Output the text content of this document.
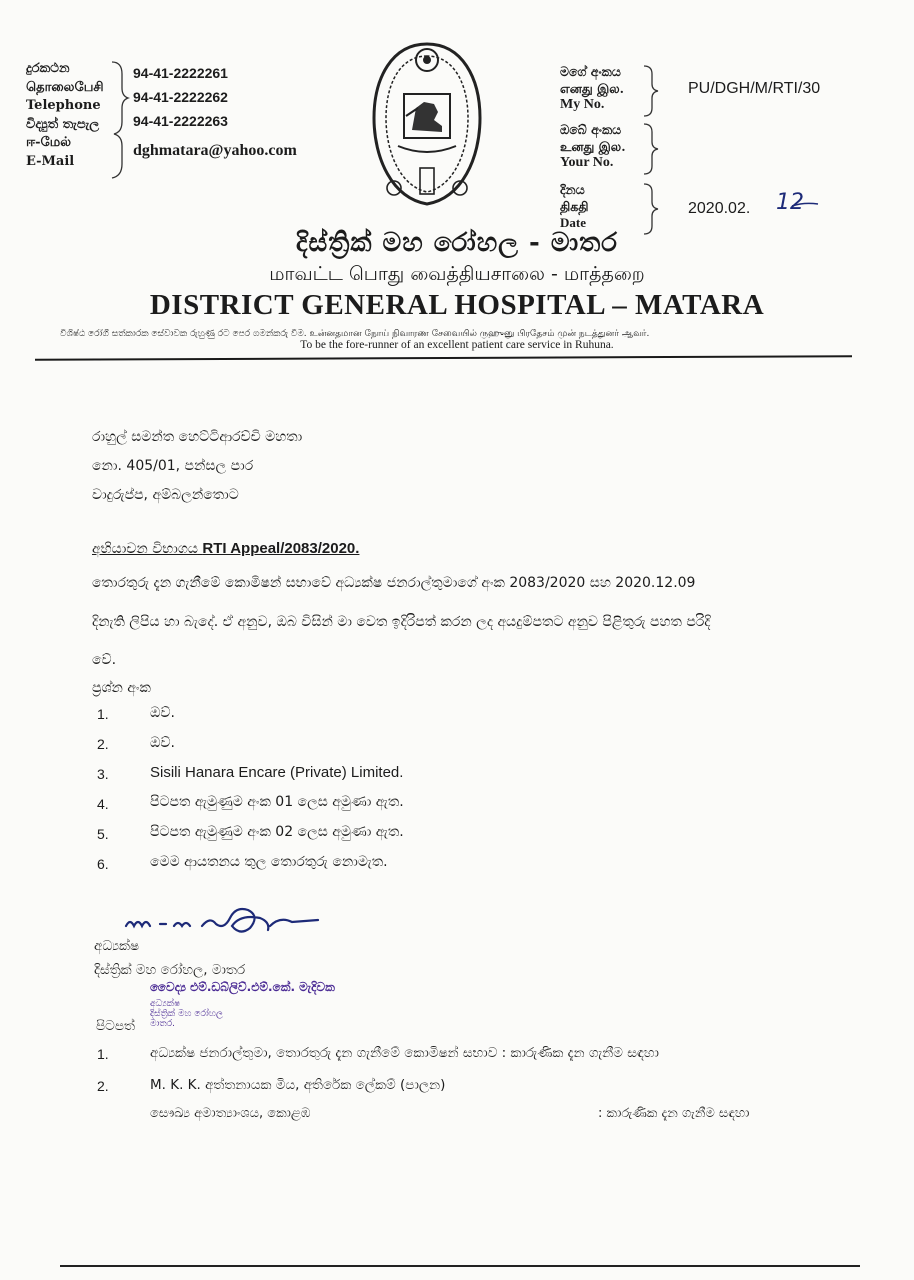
දුරකථන
தொலைபேசி
Telephone
විද්‍යුත් තැපැල
ஈ-மேல்
E-Mail
94-41-2222261
94-41-2222262
94-41-2222263
dghmatara@yahoo.com
මගේ අංකය
எனது இல.
My No.
PU/DGH/M/RTI/30
ඔබේ අංකය
உனது இல.
Your No.
දිනය
திகதி
Date
2020.02. 12
දිස්ත්‍රික් මහ රෝහල - මාතර
மாவட்ட பொது வைத்தியசாலை - மாத்தறை
DISTRICT GENERAL HOSPITAL – MATARA
විශිෂ්ඨ රෝගී සත්කාරක සේවාවක රුහුණු රට පෙර ගමන්කරු වීම. உன்னதமான நோய் நிவாரண சேவையில் ருஹுனு பிரதேசம் முன் நடத்துனர் ஆவர்.
To be the fore-runner of an excellent patient care service in Ruhuna.
රාහුල් සමන්ත හෙට්ටිආරච්චි මහතා
නො. 405/01, පන්සල පාර
වාදුරුප්ප, අම්බලන්තොට
අභියාචන විභාගය RTI Appeal/2083/2020.
තොරතුරු දැන ගැනීමේ කොමිෂන් සභාවේ අධ්‍යක්ෂ ජනරාල්තුමාගේ අංක 2083/2020 සහ 2020.12.09
දිනැති ලිපිය හා බැදේ. ඒ අනුව, ඔබ විසින් මා වෙත ඉදිරිපත් කරන ලද අයදුම්පතට අනුව පිළිතුරු පහත පරිදි
වේ.
ප්‍රශ්න අංක
1.	ඔව්.
2.	ඔව්.
3.	Sisili Hanara Encare (Private) Limited.
4.	පිටපත ඇමුණුම අංක 01 ලෙස අමුණා ඇත.
5.	පිටපත ඇමුණුම අංක 02 ලෙස අමුණා ඇත.
6.	මෙම ආයතනය තුල තොරතුරු නොමැත.
අධ්‍යක්ෂ
දිස්ත්‍රික් මහ රෝහල, මාතර
වෛද්‍ය එම්.ඩබ්ලිව්.එම්.කේ. මැදිවක
අධ්‍යක්ෂ
දිස්ත්‍රික් මහ රෝහල
මාතර.
පිටපත්
1.	අධ්‍යක්ෂ ජනරාල්තුමා, තොරතුරු දැන ගැනීමේ කොමිෂන් සභාව : කාරුණික දැන ගැනීම සඳහා
2.	M. K. K. අත්තනායක මිය, අතිරේක ලේකම් (පාලන)
සෞඛ්‍ය අමාත්‍යාංශය, කොළඹ	: කාරුණික දැන ගැනීම සඳහා
